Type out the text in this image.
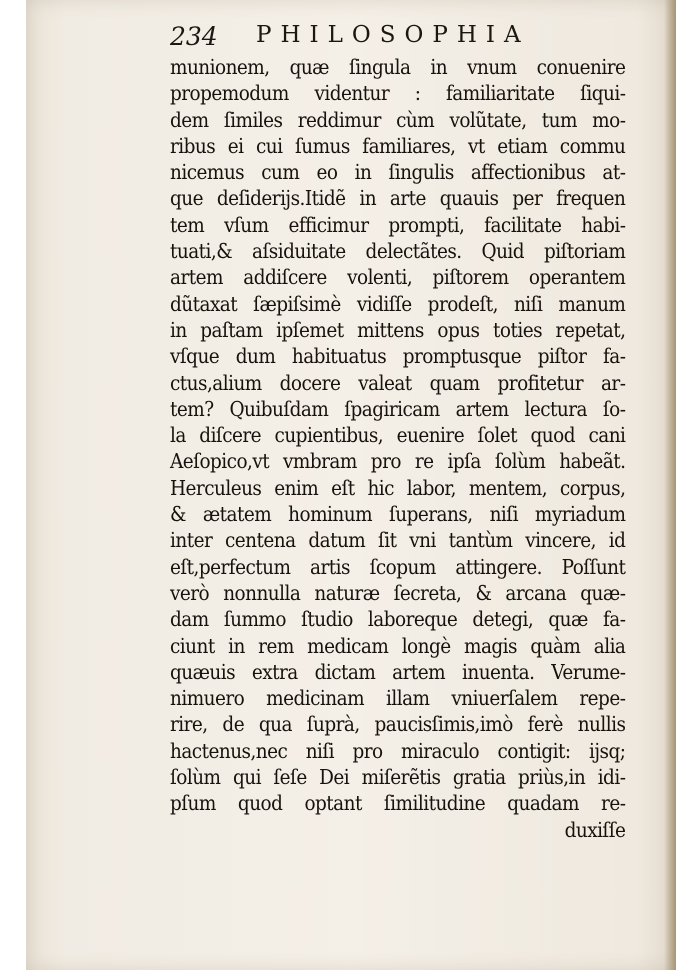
234 PHILOSOPHIA
munionem, quæ ſingula in vnum conuenire
propemodum videntur : familiaritate ſiqui-
dem ſimiles reddimur cùm volũtate, tum mo-
ribus ei cui ſumus familiares, vt etiam commu
nicemus cum eo in ſingulis affectionibus at-
que deſiderijs.Itidẽ in arte quauis per frequen
tem vſum efficimur prompti, facilitate habi-
tuati,& aſsiduitate delectãtes. Quid piſtoriam
artem addiſcere volenti, piſtorem operantem
dũtaxat ſæpiſsimè vidiſſe prodeſt, niſi manum
in paſtam ipſemet mittens opus toties repetat,
vſque dum habituatus promptusque piſtor fa-
ctus,alium docere valeat quam profitetur ar-
tem? Quibuſdam ſpagiricam artem lectura ſo-
la diſcere cupientibus, euenire ſolet quod cani
Aeſopico,vt vmbram pro re ipſa ſolùm habeãt.
Herculeus enim eſt hic labor, mentem, corpus,
& ætatem hominum ſuperans, niſi myriadum
inter centena datum ſit vni tantùm vincere, id
eſt,perfectum artis ſcopum attingere. Poſſunt
verò nonnulla naturæ ſecreta, & arcana quæ-
dam ſummo ſtudio laboreque detegi, quæ fa-
ciunt in rem medicam longè magis quàm alia
quæuis extra dictam artem inuenta. Verume-
nimuero medicinam illam vniuerſalem repe-
rire, de qua ſuprà, paucisſimis,imò ferè nullis
hactenus,nec niſi pro miraculo contigit: ijsq;
ſolùm qui ſeſe Dei miſerẽtis gratia priùs,in idi-
pſum quod optant ſimilitudine quadam re-
duxiſſe
